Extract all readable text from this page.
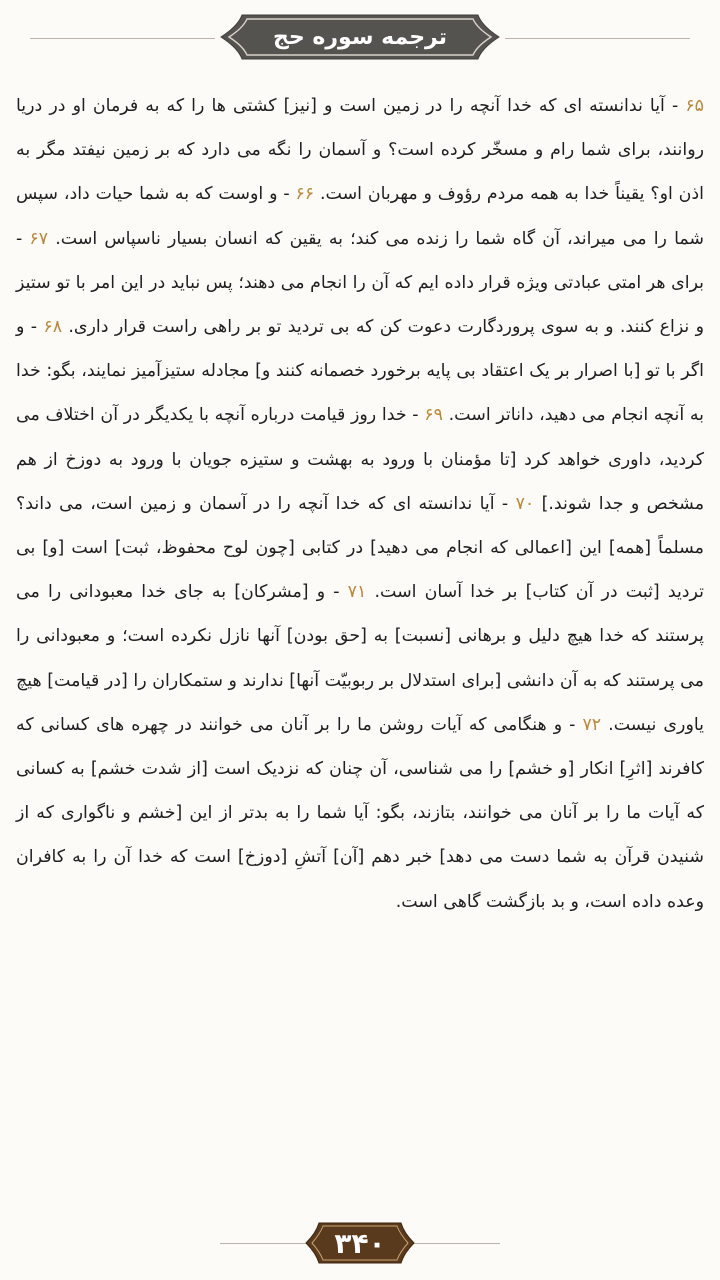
ترجمه سوره حج
۶۵ - آیا ندانسته ای که خدا آنچه را در زمین است و [نیز] کشتی ها را که به فرمان او در دریا روانند، برای شما رام و مسخّر کرده است؟ و آسمان را نگه می دارد که بر زمین نیفتد مگر به اذن او؟ یقیناً خدا به همه مردم رؤوف و مهربان است. ۶۶ - و اوست که به شما حیات داد، سپس شما را می میراند، آن گاه شما را زنده می کند؛ به یقین که انسان بسیار ناسپاس است. ۶۷ - برای هر امتی عبادتی ویژه قرار داده ایم که آن را انجام می دهند؛ پس نباید در این امر با تو ستیز و نزاع کنند. و به سوی پروردگارت دعوت کن که بی تردید تو بر راهی راست قرار داری. ۶۸ - و اگر با تو [با اصرار بر یک اعتقاد بی پایه برخورد خصمانه کنند و] مجادله ستیزآمیز نمایند، بگو: خدا به آنچه انجام می دهید، داناتر است. ۶۹ - خدا روز قیامت درباره آنچه با یکدیگر در آن اختلاف می کردید، داوری خواهد کرد [تا مؤمنان با ورود به بهشت و ستیزه جویان با ورود به دوزخ از هم مشخص و جدا شوند.] ۷۰ - آیا ندانسته ای که خدا آنچه را در آسمان و زمین است، می داند؟ مسلماً [همه] این [اعمالی که انجام می دهید] در کتابی [چون لوح محفوظ، ثبت] است [و] بی تردید [ثبت در آن کتاب] بر خدا آسان است. ۷۱ - و [مشرکان] به جای خدا معبودانی را می پرستند که خدا هیچ دلیل و برهانی [نسبت] به [حق بودن] آنها نازل نکرده است؛ و معبودانی را می پرستند که به آن دانشی [برای استدلال بر ربوبیّت آنها] ندارند و ستمکاران را [در قیامت] هیچ یاوری نیست. ۷۲ - و هنگامی که آیات روشن ما را بر آنان می خوانند در چهره های کسانی که کافرند [اثرِ] انکار [و خشم] را می شناسی، آن چنان که نزدیک است [از شدت خشم] به کسانی که آیات ما را بر آنان می خوانند، بتازند، بگو: آیا شما را به بدتر از این [خشم و ناگواری که از شنیدن قرآن به شما دست می دهد] خبر دهم [آن] آتشِ [دوزخ] است که خدا آن را به کافران وعده داده است، و بد بازگشت گاهی است.
۳۴۰
